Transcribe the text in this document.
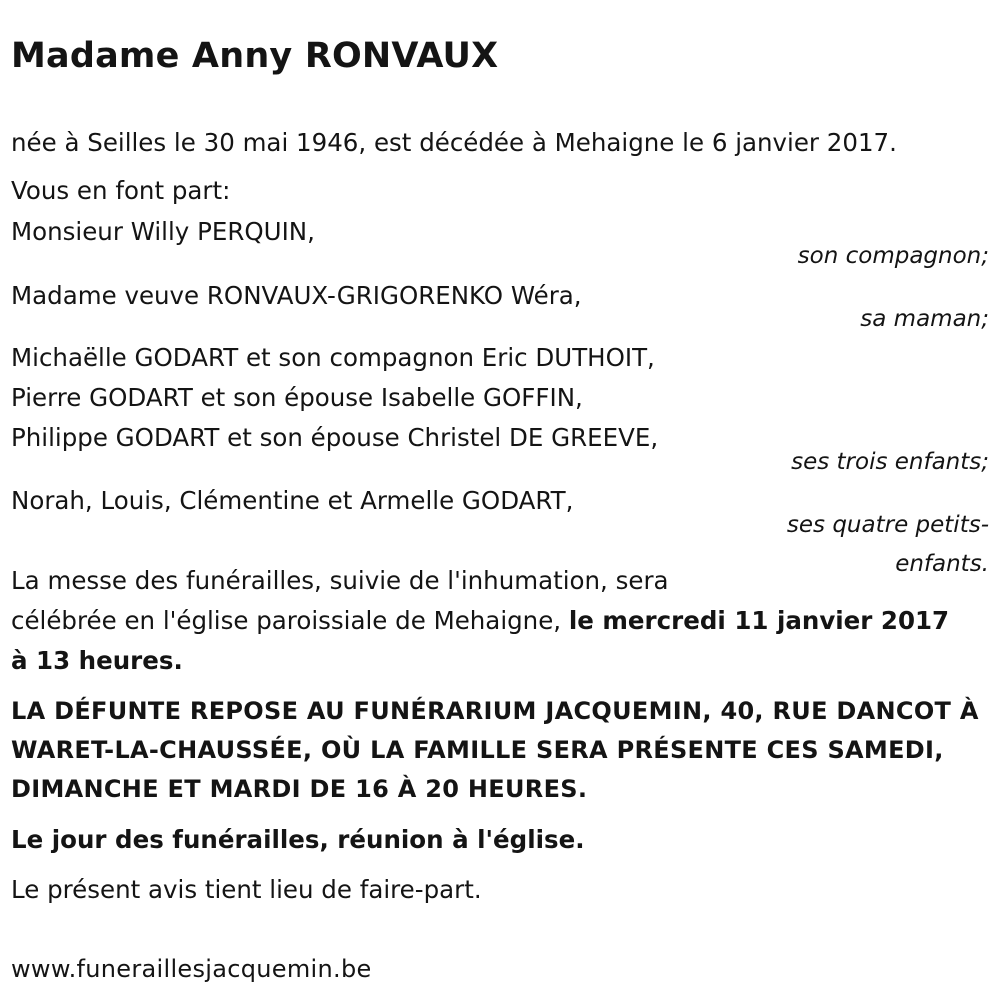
Madame Anny RONVAUX
née à Seilles le 30 mai 1946, est décédée à Mehaigne le 6 janvier 2017.
Vous en font part:
Monsieur Willy PERQUIN,
son compagnon;
Madame veuve RONVAUX-GRIGORENKO Wéra,
sa maman;
Michaëlle GODART et son compagnon Eric DUTHOIT,
Pierre GODART et son épouse Isabelle GOFFIN,
Philippe GODART et son épouse Christel DE GREEVE,
ses trois enfants;
Norah, Louis, Clémentine et Armelle GODART,
ses quatre petits-
enfants.
La messe des funérailles, suivie de l'inhumation, sera
célébrée en l'église paroissiale de Mehaigne, le mercredi 11 janvier 2017
à 13 heures.
LA DÉFUNTE REPOSE AU FUNÉRARIUM JACQUEMIN, 40, RUE DANCOT À
WARET-LA-CHAUSSÉE, OÙ LA FAMILLE SERA PRÉSENTE CES SAMEDI,
DIMANCHE ET MARDI DE 16 À 20 HEURES.
Le jour des funérailles, réunion à l'église.
Le présent avis tient lieu de faire-part.
www.funeraillesjacquemin.be
